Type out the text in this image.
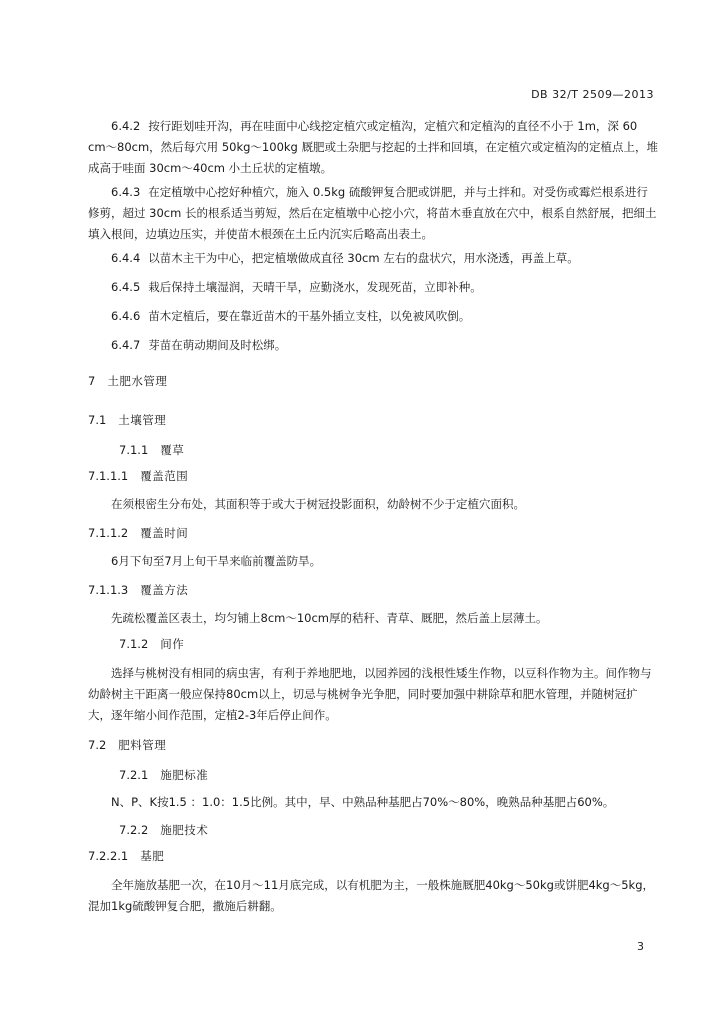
DB 32/T 2509—2013

6.4.2 按行距划哇开沟，再在哇面中心线挖定植穴或定植沟，定植穴和定植沟的直径不小于 1m，深 60 cm～80cm，然后每穴用 50kg～100kg 厩肥或土杂肥与挖起的土拌和回填，在定植穴或定植沟的定植点上，堆成高于哇面 30cm～40cm 小土丘状的定植墩。

6.4.3 在定植墩中心挖好种植穴，施入 0.5kg 硫酸钾复合肥或饼肥，并与土拌和。对受伤或霉烂根系进行修剪，超过 30cm 长的根系适当剪短，然后在定植墩中心挖小穴，将苗木垂直放在穴中，根系自然舒展，把细土填入根间，边填边压实，并使苗木根颈在土丘内沉实后略高出表土。

6.4.4 以苗木主干为中心，把定植墩做成直径 30cm 左右的盘状穴，用水浇透，再盖上草。

6.4.5 栽后保持土壤湿润，天晴干旱，应勤浇水，发现死苗，立即补种。

6.4.6 苗木定植后，要在靠近苗木的干基外插立支柱，以免被风吹倒。

6.4.7 芽苗在萌动期间及时松绑。

7 土肥水管理
7.1 土壤管理
7.1.1 覆草
7.1.1.1 覆盖范围

在须根密生分布处，其面积等于或大于树冠投影面积，幼龄树不少于定植穴面积。

7.1.1.2 覆盖时间

6月下旬至7月上旬干旱来临前覆盖防旱。

7.1.1.3 覆盖方法

先疏松覆盖区表土，均匀铺上8cm～10cm厚的秸秆、青草、厩肥，然后盖上层薄土。

7.1.2 间作

选择与桃树没有相同的病虫害，有利于养地肥地，以园养园的浅根性矮生作物，以豆科作物为主。间作物与幼龄树主干距离一般应保持80cm以上，切忌与桃树争光争肥，同时要加强中耕除草和肥水管理，并随树冠扩大，逐年缩小间作范围，定植2-3年后停止间作。

7.2 肥料管理
7.2.1 施肥标准

N、P、K按1.5 ：1.0：1.5比例。其中，早、中熟品种基肥占70%～80%，晚熟品种基肥占60%。

7.2.2 施肥技术
7.2.2.1 基肥

全年施放基肥一次，在10月～11月底完成，以有机肥为主，一般株施厩肥40kg～50kg或饼肥4kg～5kg，混加1kg硫酸钾复合肥，撒施后耕翻。

3
